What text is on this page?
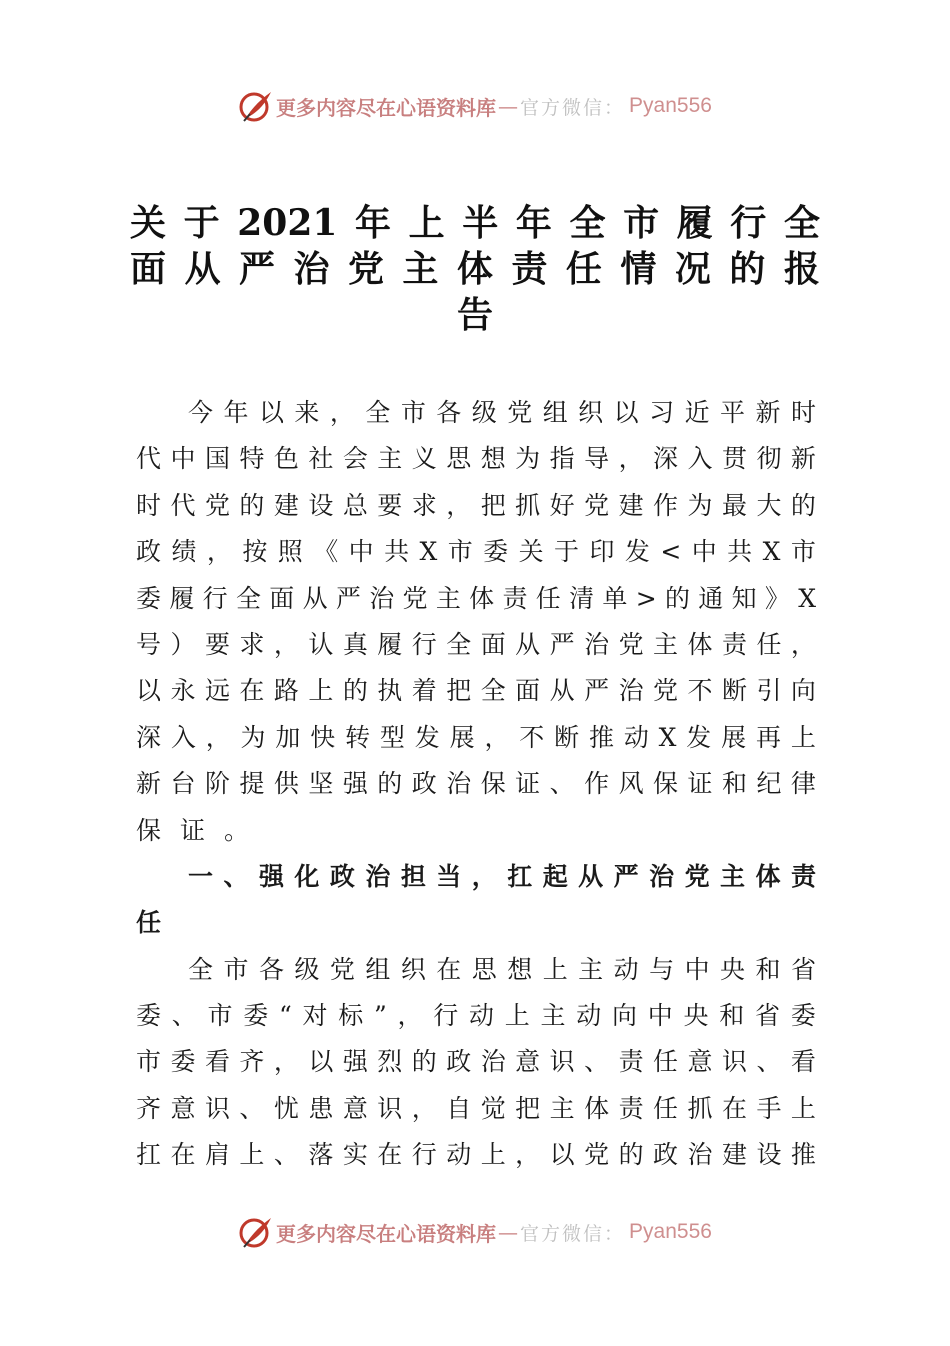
更多内容尽在心语资料库 — 官方微信： Pyan556
关 于 2021 年 上 半 年 全 市 履 行 全
面 从 严 治 党 主 体 责 任 情 况 的 报
告
今 年 以 来 ， 全 市 各 级 党 组 织 以 习 近 平 新 时
代 中 国 特 色 社 会 主 义 思 想 为 指 导 ， 深 入 贯 彻 新
时 代 党 的 建 设 总 要 求 ， 把 抓 好 党 建 作 为 最 大 的
政 绩 ， 按 照 《 中 共 X 市 委 关 于 印 发 < 中 共 X 市
委 履 行 全 面 从 严 治 党 主 体 责 任 清 单 > 的 通 知 》 X
号 ） 要 求 ， 认 真 履 行 全 面 从 严 治 党 主 体 责 任 ，
以 永 远 在 路 上 的 执 着 把 全 面 从 严 治 党 不 断 引 向
深 入 ， 为 加 快 转 型 发 展 ， 不 断 推 动 X 发 展 再 上
新 台 阶 提 供 坚 强 的 政 治 保 证 、 作 风 保 证 和 纪 律
保 证 。
一 、 强 化 政 治 担 当 ， 扛 起 从 严 治 党 主 体 责
任
全 市 各 级 党 组 织 在 思 想 上 主 动 与 中 央 和 省
委 、 市 委 “ 对 标 ” ， 行 动 上 主 动 向 中 央 和 省 委
市 委 看 齐 ， 以 强 烈 的 政 治 意 识 、 责 任 意 识 、 看
齐 意 识 、 忧 患 意 识 ， 自 觉 把 主 体 责 任 抓 在 手 上
扛 在 肩 上 、 落 实 在 行 动 上 ， 以 党 的 政 治 建 设 推
更多内容尽在心语资料库 — 官方微信： Pyan556
